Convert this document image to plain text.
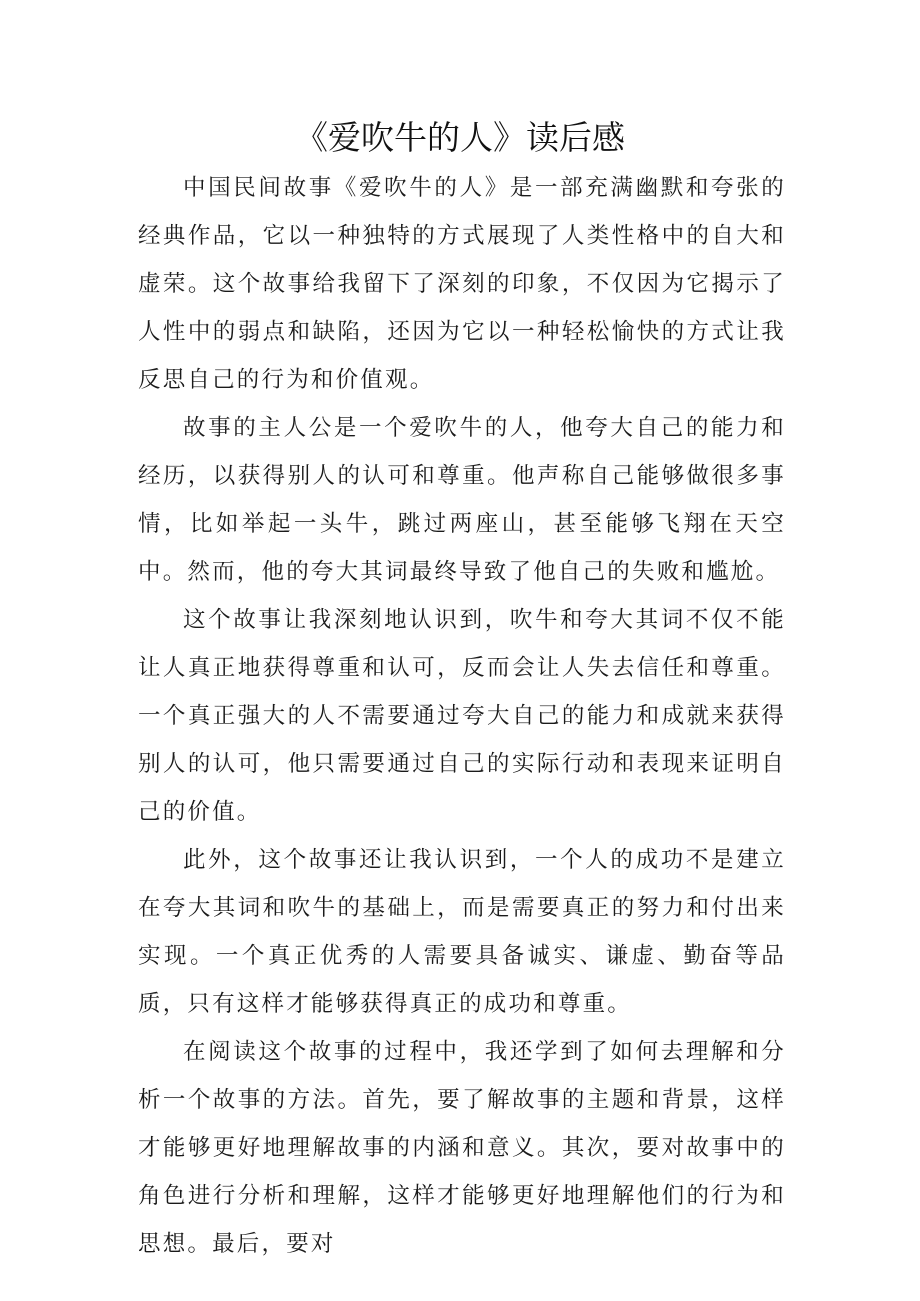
《爱吹牛的人》读后感

中国民间故事《爱吹牛的人》是一部充满幽默和夸张的经典作品，它以一种独特的方式展现了人类性格中的自大和虚荣。这个故事给我留下了深刻的印象，不仅因为它揭示了人性中的弱点和缺陷，还因为它以一种轻松愉快的方式让我反思自己的行为和价值观。

故事的主人公是一个爱吹牛的人，他夸大自己的能力和经历，以获得别人的认可和尊重。他声称自己能够做很多事情，比如举起一头牛，跳过两座山，甚至能够飞翔在天空中。然而，他的夸大其词最终导致了他自己的失败和尴尬。

这个故事让我深刻地认识到，吹牛和夸大其词不仅不能让人真正地获得尊重和认可，反而会让人失去信任和尊重。一个真正强大的人不需要通过夸大自己的能力和成就来获得别人的认可，他只需要通过自己的实际行动和表现来证明自己的价值。

此外，这个故事还让我认识到，一个人的成功不是建立在夸大其词和吹牛的基础上，而是需要真正的努力和付出来实现。一个真正优秀的人需要具备诚实、谦虚、勤奋等品质，只有这样才能够获得真正的成功和尊重。

在阅读这个故事的过程中，我还学到了如何去理解和分析一个故事的方法。首先，要了解故事的主题和背景，这样才能够更好地理解故事的内涵和意义。其次，要对故事中的角色进行分析和理解，这样才能够更好地理解他们的行为和思想。最后，要对
